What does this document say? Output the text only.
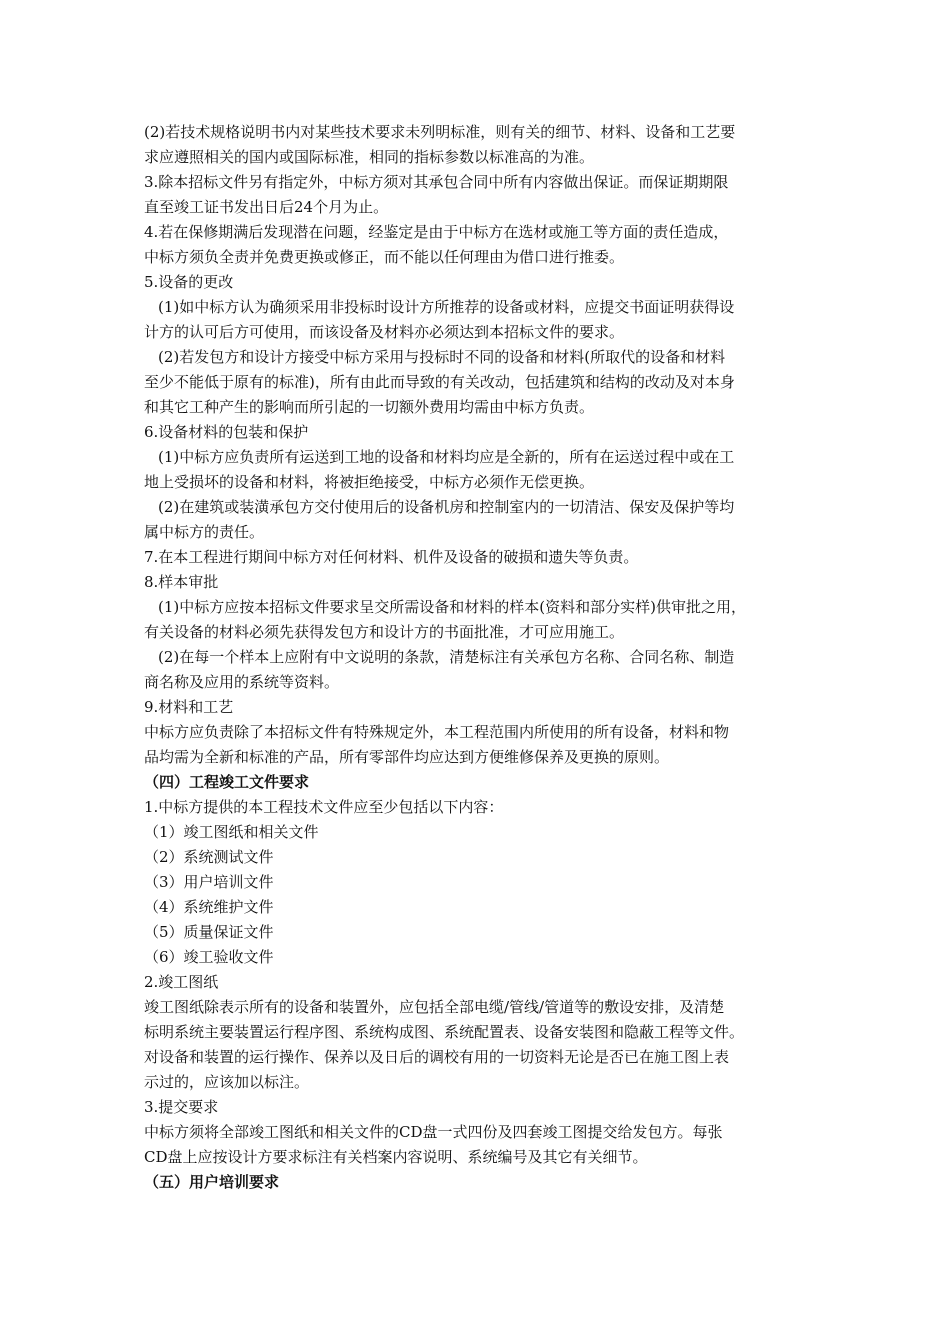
(2)若技术规格说明书内对某些技术要求未列明标准，则有关的细节、材料、设备和工艺要
求应遵照相关的国内或国际标准，相同的指标参数以标准高的为准。
3.除本招标文件另有指定外，中标方须对其承包合同中所有内容做出保证。而保证期期限
直至竣工证书发出日后24个月为止。
4.若在保修期满后发现潜在问题，经鉴定是由于中标方在选材或施工等方面的责任造成，
中标方须负全责并免费更换或修正，而不能以任何理由为借口进行推委。
5.设备的更改
(1)如中标方认为确须采用非投标时设计方所推荐的设备或材料，应提交书面证明获得设
计方的认可后方可使用，而该设备及材料亦必须达到本招标文件的要求。
(2)若发包方和设计方接受中标方采用与投标时不同的设备和材料(所取代的设备和材料
至少不能低于原有的标准)，所有由此而导致的有关改动，包括建筑和结构的改动及对本身
和其它工种产生的影响而所引起的一切额外费用均需由中标方负责。
6.设备材料的包装和保护
(1)中标方应负责所有运送到工地的设备和材料均应是全新的，所有在运送过程中或在工
地上受损坏的设备和材料，将被拒绝接受，中标方必须作无偿更换。
(2)在建筑或装潢承包方交付使用后的设备机房和控制室内的一切清洁、保安及保护等均
属中标方的责任。
7.在本工程进行期间中标方对任何材料、机件及设备的破损和遗失等负责。
8.样本审批
(1)中标方应按本招标文件要求呈交所需设备和材料的样本(资料和部分实样)供审批之用，
有关设备的材料必须先获得发包方和设计方的书面批准，才可应用施工。
(2)在每一个样本上应附有中文说明的条款，清楚标注有关承包方名称、合同名称、制造
商名称及应用的系统等资料。
9.材料和工艺
中标方应负责除了本招标文件有特殊规定外，本工程范围内所使用的所有设备，材料和物
品均需为全新和标准的产品，所有零部件均应达到方便维修保养及更换的原则。
（四）工程竣工文件要求
1.中标方提供的本工程技术文件应至少包括以下内容：
（1）竣工图纸和相关文件
（2）系统测试文件
（3）用户培训文件
（4）系统维护文件
（5）质量保证文件
（6）竣工验收文件
2.竣工图纸
竣工图纸除表示所有的设备和装置外，应包括全部电缆/管线/管道等的敷设安排，及清楚
标明系统主要装置运行程序图、系统构成图、系统配置表、设备安装图和隐蔽工程等文件。
对设备和装置的运行操作、保养以及日后的调校有用的一切资料无论是否已在施工图上表
示过的，应该加以标注。
3.提交要求
中标方须将全部竣工图纸和相关文件的CD盘一式四份及四套竣工图提交给发包方。每张
CD盘上应按设计方要求标注有关档案内容说明、系统编号及其它有关细节。
（五）用户培训要求
